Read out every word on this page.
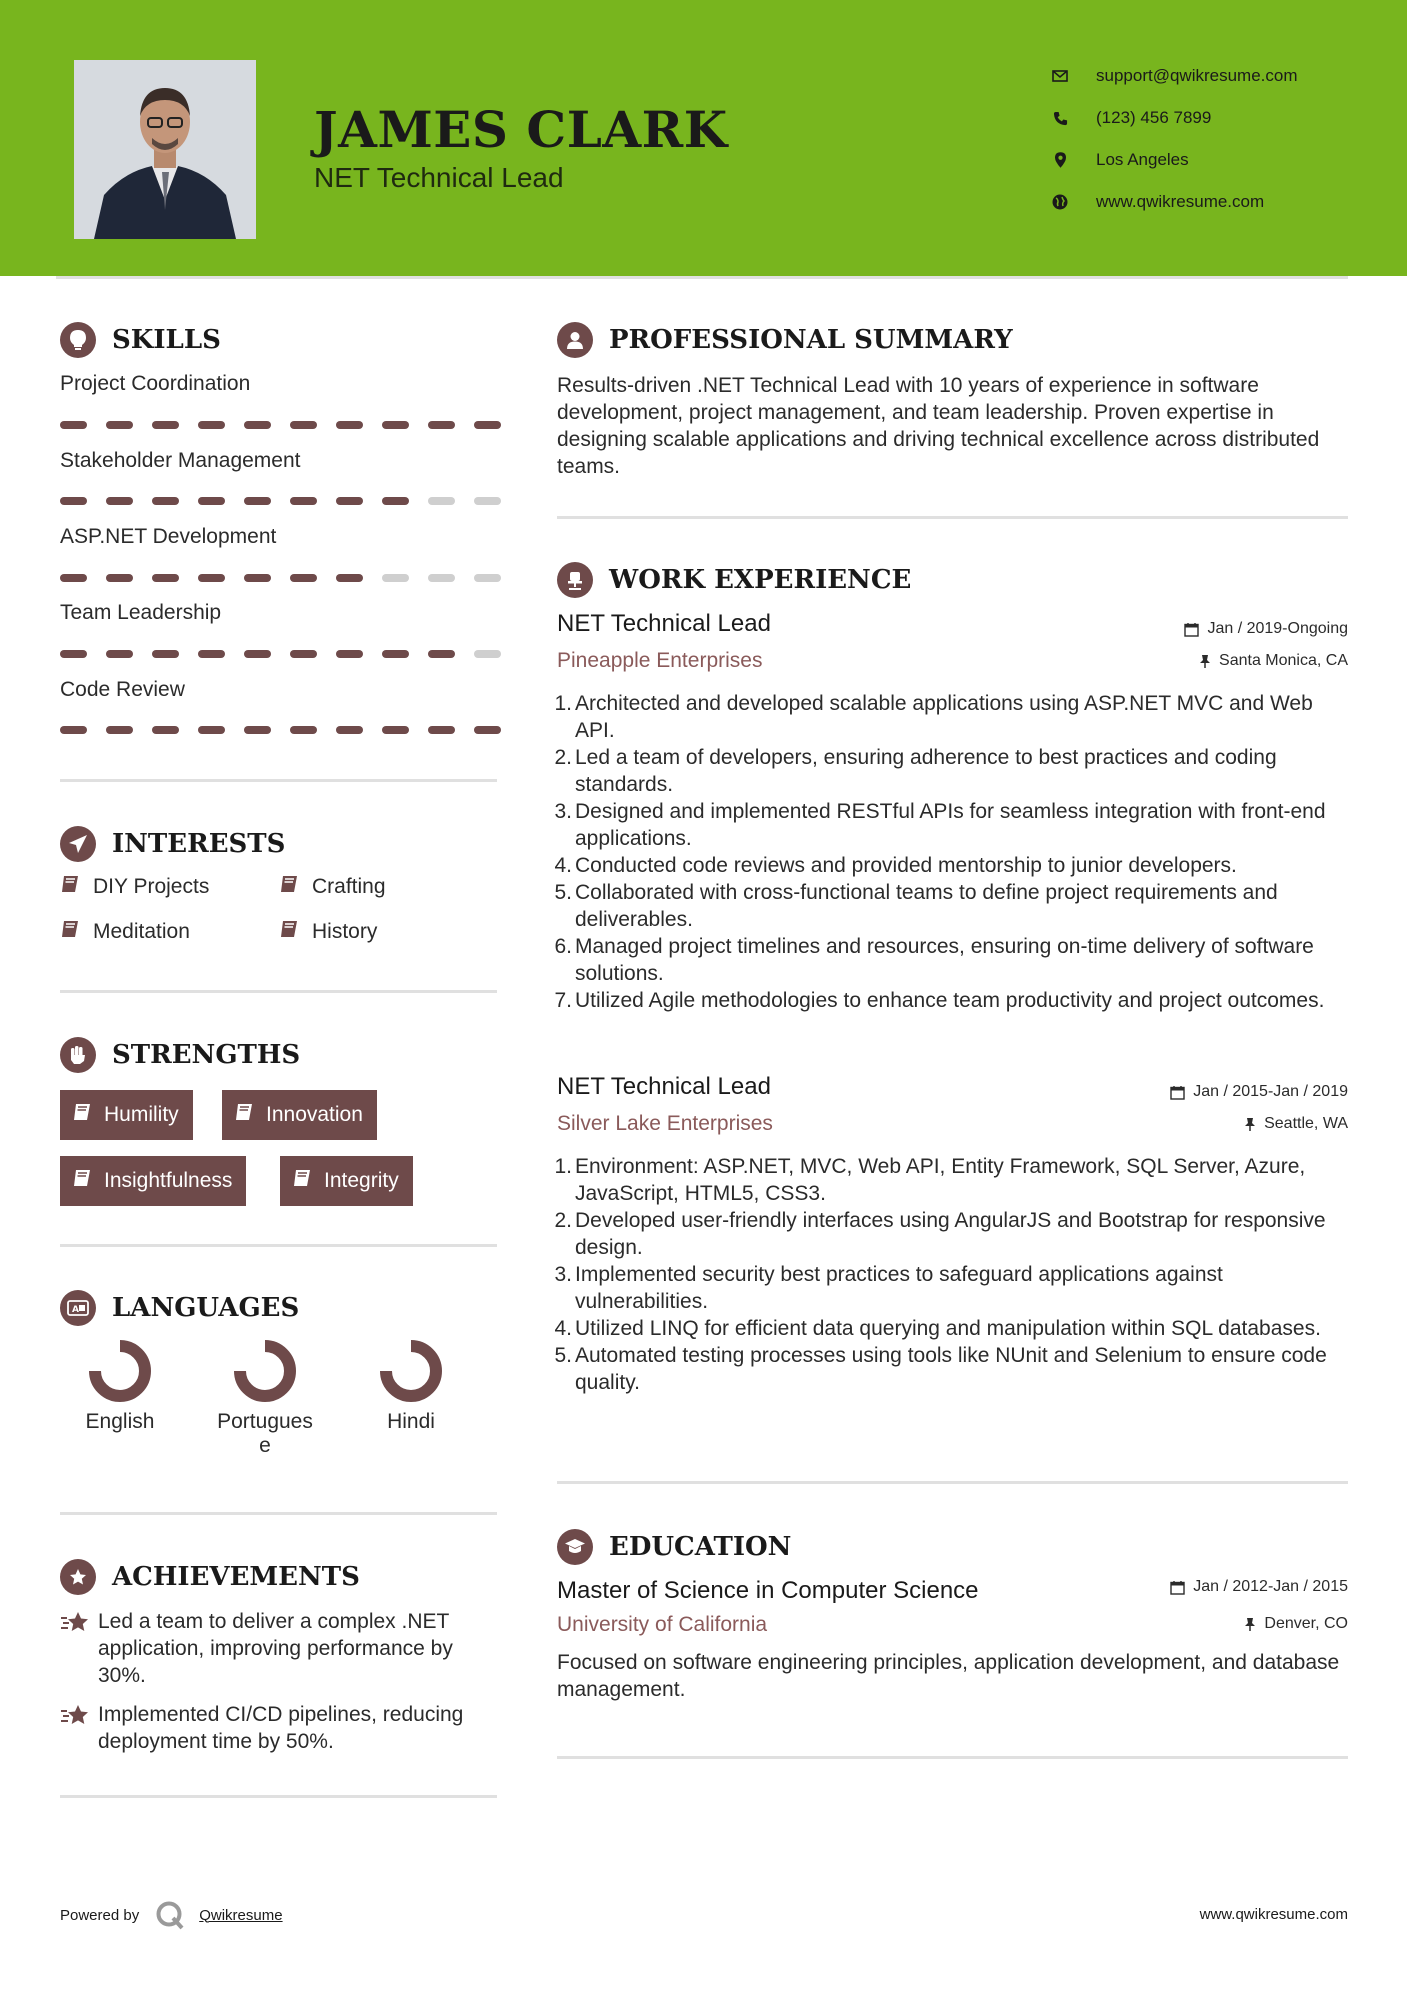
JAMES CLARK
NET Technical Lead
support@qwikresume.com
(123) 456 7899
Los Angeles
www.qwikresume.com
SKILLS
Project Coordination
Stakeholder Management
ASP.NET Development
Team Leadership
Code Review
INTERESTS
DIY Projects	Crafting
Meditation	History
STRENGTHS
Humility	Innovation
Insightfulness	Integrity
A LANGUAGES
English	Portugues
e
Hindi
ACHIEVEMENTS
Led a team to deliver a complex .NET application, improving performance by 30%.
Implemented CI/CD pipelines, reducing deployment time by 50%.
PROFESSIONAL SUMMARY
Results-driven .NET Technical Lead with 10 years of experience in software development, project management, and team leadership. Proven expertise in designing scalable applications and driving technical excellence across distributed teams.
WORK EXPERIENCE
NET Technical Lead	Jan / 2019-Ongoing
Pineapple Enterprises	Santa Monica, CA
1. Architected and developed scalable applications using ASP.NET MVC and Web API.
2. Led a team of developers, ensuring adherence to best practices and coding standards.
3. Designed and implemented RESTful APIs for seamless integration with front-end applications.
4. Conducted code reviews and provided mentorship to junior developers.
5. Collaborated with cross-functional teams to define project requirements and deliverables.
6. Managed project timelines and resources, ensuring on-time delivery of software solutions.
7. Utilized Agile methodologies to enhance team productivity and project outcomes.
NET Technical Lead	Jan / 2015-Jan / 2019
Silver Lake Enterprises	Seattle, WA
1. Environment: ASP.NET, MVC, Web API, Entity Framework, SQL Server, Azure, JavaScript, HTML5, CSS3.
2. Developed user-friendly interfaces using AngularJS and Bootstrap for responsive design.
3. Implemented security best practices to safeguard applications against vulnerabilities.
4. Utilized LINQ for efficient data querying and manipulation within SQL databases.
5. Automated testing processes using tools like NUnit and Selenium to ensure code quality.
EDUCATION
Master of Science in Computer Science	Jan / 2012-Jan / 2015
University of California	Denver, CO
Focused on software engineering principles, application development, and database management.
Powered by	Qwikresume	www.qwikresume.com
